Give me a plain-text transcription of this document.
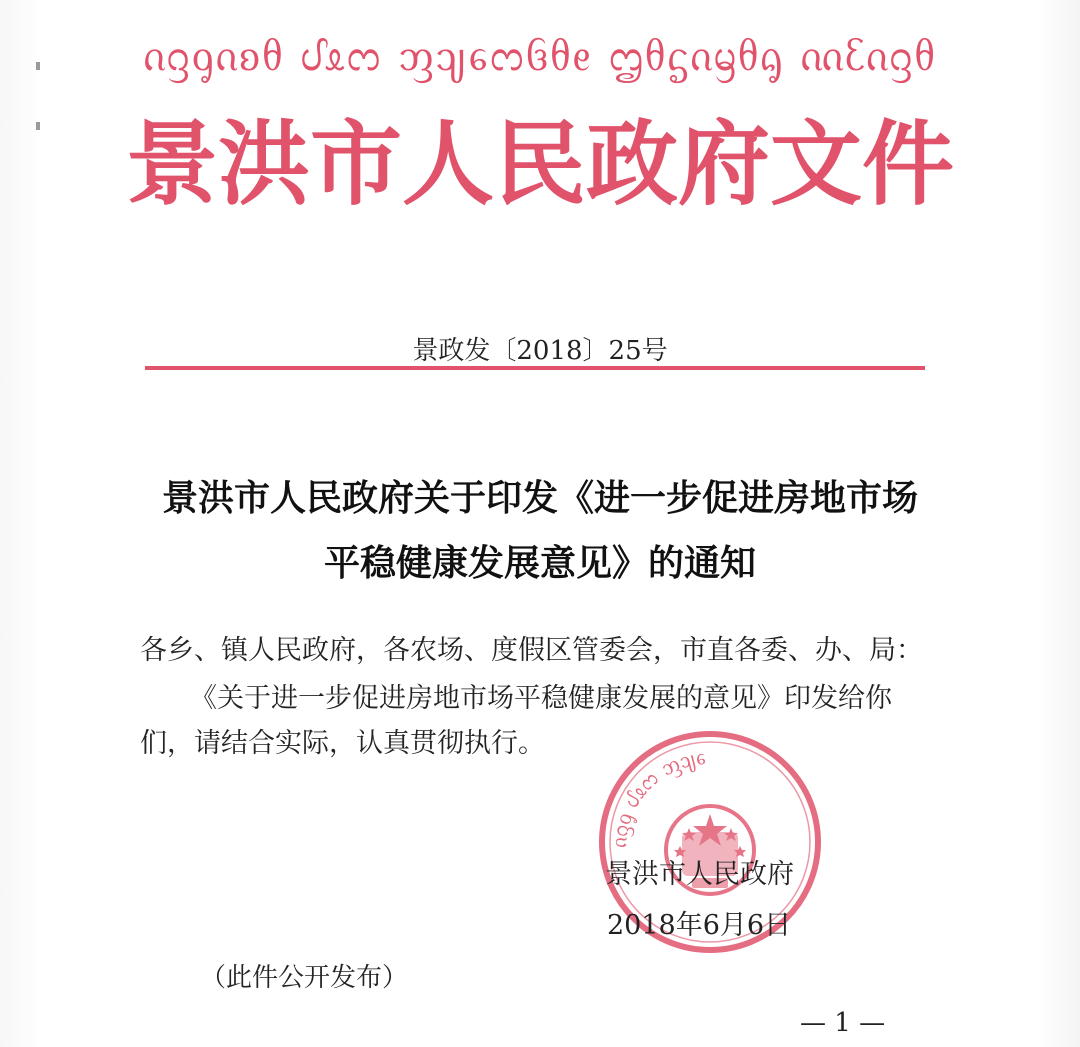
ᦵᦋᧁᦵᦈᦲ ᦔᦸᦂ ᦀᦻᧈᦂᦑᦲᧉ ᦗᦲᧃᦵᦙᦲᧂ ᦶᦷᦵᦋᦲ
景洪市人民政府文件
景政发〔2018〕25号
景洪市人民政府关于印发《进一步促进房地市场
平稳健康发展意见》的通知
各乡、镇人民政府，各农场、度假区管委会，市直各委、办、局：
《关于进一步促进房地市场平稳健康发展的意见》印发给你
们，请结合实际，认真贯彻执行。
ᦵᦋᧁ ᦔᦸᦂ ᦀᦻᧈ
景洪市人民政府
2018年6月6日
（此件公开发布）
— 1 —
